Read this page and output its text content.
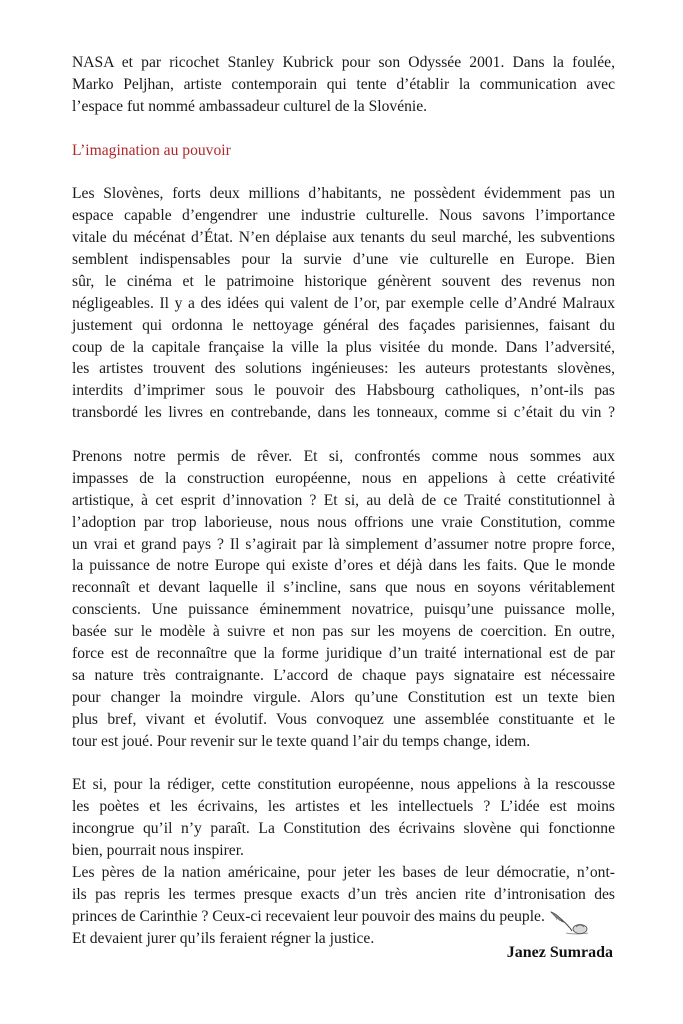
NASA et par ricochet Stanley Kubrick pour son Odyssée 2001. Dans la foulée,
Marko Peljhan, artiste contemporain qui tente d’établir la communication avec
l’espace fut nommé ambassadeur culturel de la Slovénie.
L’imagination au pouvoir
Les Slovènes, forts deux millions d’habitants, ne possèdent évidemment pas un
espace capable d’engendrer une industrie culturelle. Nous savons l’importance
vitale du mécénat d’État. N’en déplaise aux tenants du seul marché, les subventions
semblent indispensables pour la survie d’une vie culturelle en Europe. Bien
sûr, le cinéma et le patrimoine historique génèrent souvent des revenus non
négligeables. Il y a des idées qui valent de l’or, par exemple celle d’André Malraux
justement qui ordonna le nettoyage général des façades parisiennes, faisant du
coup de la capitale française la ville la plus visitée du monde. Dans l’adversité,
les artistes trouvent des solutions ingénieuses: les auteurs protestants slovènes,
interdits d’imprimer sous le pouvoir des Habsbourg catholiques, n’ont-ils pas
transbordé les livres en contrebande, dans les tonneaux, comme si c’était du vin ?
Prenons notre permis de rêver. Et si, confrontés comme nous sommes aux
impasses de la construction européenne, nous en appelions à cette créativité
artistique, à cet esprit d’innovation ? Et si, au delà de ce Traité constitutionnel à
l’adoption par trop laborieuse, nous nous offrions une vraie Constitution, comme
un vrai et grand pays ? Il s’agirait par là simplement d’assumer notre propre force,
la puissance de notre Europe qui existe d’ores et déjà dans les faits. Que le monde
reconnaît et devant laquelle il s’incline, sans que nous en soyons véritablement
conscients. Une puissance éminemment novatrice, puisqu’une puissance molle,
basée sur le modèle à suivre et non pas sur les moyens de coercition. En outre,
force est de reconnaître que la forme juridique d’un traité international est de par
sa nature très contraignante. L’accord de chaque pays signataire est nécessaire
pour changer la moindre virgule. Alors qu’une Constitution est un texte bien
plus bref, vivant et évolutif. Vous convoquez une assemblée constituante et le
tour est joué. Pour revenir sur le texte quand l’air du temps change, idem.
Et si, pour la rédiger, cette constitution européenne, nous appelions à la rescousse
les poètes et les écrivains, les artistes et les intellectuels ? L’idée est moins
incongrue qu’il n’y paraît. La Constitution des écrivains slovène qui fonctionne
bien, pourrait nous inspirer.
Les pères de la nation américaine, pour jeter les bases de leur démocratie, n’ont-
ils pas repris les termes presque exacts d’un très ancien rite d’intronisation des
princes de Carinthie ? Ceux-ci recevaient leur pouvoir des mains du peuple.
Et devaient jurer qu’ils feraient régner la justice.
Janez Sumrada
